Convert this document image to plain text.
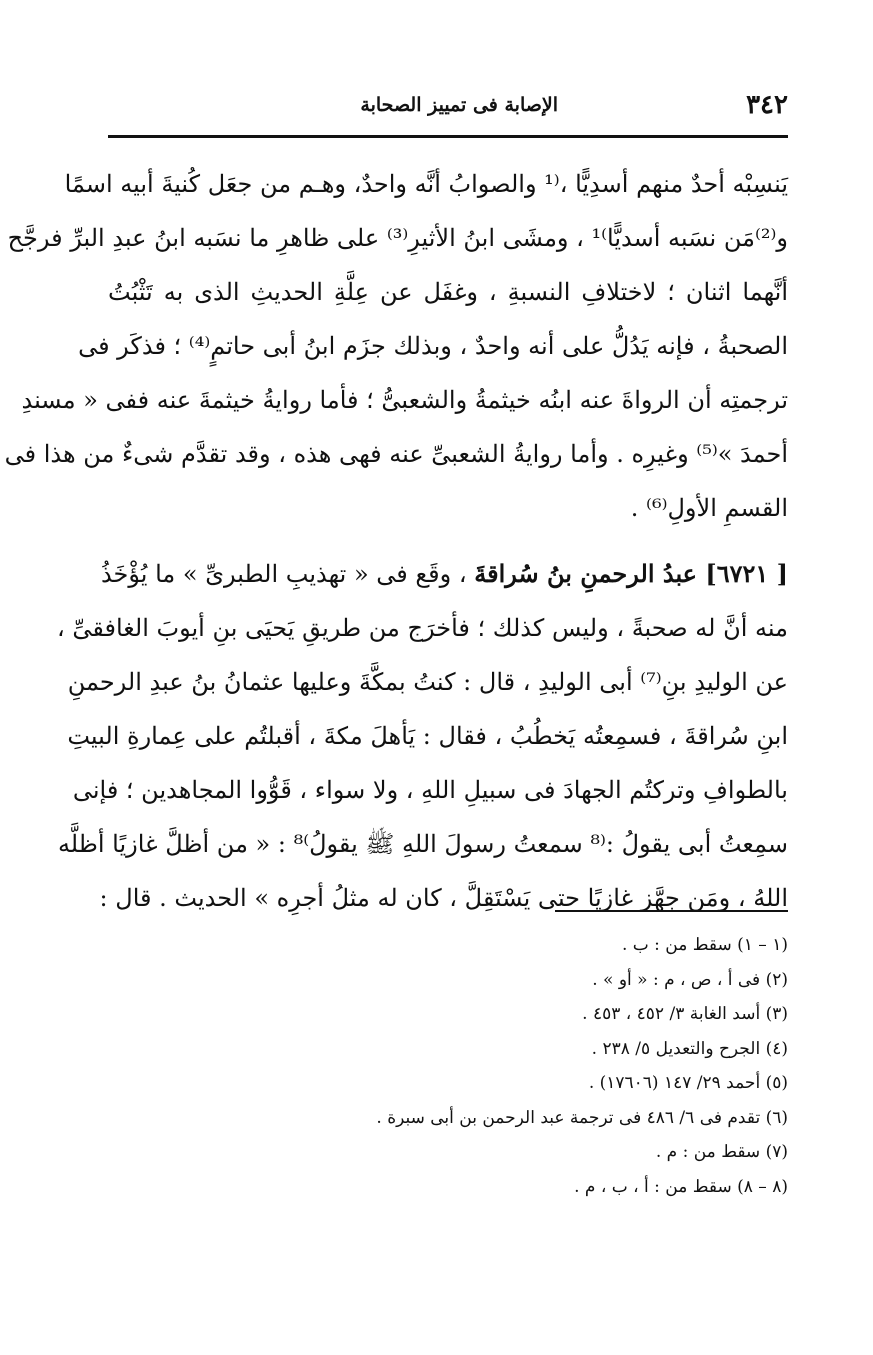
٣٤٢
الإصابة فى تمييز الصحابة
يَنسِبْه أحدٌ منهم أسدِيًّا ،⁽¹ والصوابُ أنَّه واحدٌ، وهـم من جعَل كُنيةَ أبيه اسمًا
و⁽²⁾مَن نسَبه أسديًّا⁾¹ ، ومشَى ابنُ الأثيرِ⁽³⁾ على ظاهرِ ما نسَبه ابنُ عبدِ البرِّ فرجَّح
أنَّهما اثنان ؛ لاختلافِ النسبةِ ، وغفَل عن عِلَّةِ الحديثِ الذى به تَثْبُتُ
الصحبةُ ، فإنه يَدُلُّ على أنه واحدٌ ، وبذلك جزَم ابنُ أبى حاتمٍ⁽⁴⁾ ؛ فذكَر فى
ترجمتِه أن الرواةَ عنه ابنُه خيثمةُ والشعبىُّ ؛ فأما روايةُ خيثمةَ عنه ففى « مسندِ
أحمدَ »⁽⁵⁾ وغيرِه . وأما روايةُ الشعبىِّ عنه فهى هذه ، وقد تقدَّم شىءٌ من هذا فى
القسمِ الأولِ⁽⁶⁾ .
[ ٦٧٢١] عبدُ الرحمنِ بنُ سُراقةَ ، وقَع فى « تهذيبِ الطبرىِّ » ما يُؤْخَذُ
منه أنَّ له صحبةً ، وليس كذلك ؛ فأخرَج من طريقِ يَحيَى بنِ أيوبَ الغافقىِّ ،
عن الوليدِ بنِ⁽⁷⁾ أبى الوليدِ ، قال : كنتُ بمكَّةَ وعليها عثمانُ بنُ عبدِ الرحمنِ
ابنِ سُراقةَ ، فسمِعتُه يَخطُبُ ، فقال : يَأهلَ مكةَ ، أقبلتُم على عِمارةِ البيتِ
بالطوافِ وتركتُم الجهادَ فى سبيلِ اللهِ ، ولا سواء ، قَوُّوا المجاهدين ؛ فإنى
سمِعتُ أبى يقولُ :⁽⁸ سمعتُ رسولَ اللهِ ﷺ يقولُ⁾⁸ : « من أظلَّ غازيًا أظلَّه
اللهُ ، ومَن جهَّز غازيًا حتى يَسْتَقِلَّ ، كان له مثلُ أجرِه » الحديث . قال :
(١ – ١) سقط من : ب .
(٢) فى أ ، ص ، م : « أو » .
(٣) أسد الغابة ٣/ ٤٥٢ ، ٤٥٣ .
(٤) الجرح والتعديل ٥/ ٢٣٨ .
(٥) أحمد ٢٩/ ١٤٧ (١٧٦٠٦) .
(٦) تقدم فى ٦/ ٤٨٦ فى ترجمة عبد الرحمن بن أبى سبرة .
(٧) سقط من : م .
(٨ – ٨) سقط من : أ ، ب ، م .
